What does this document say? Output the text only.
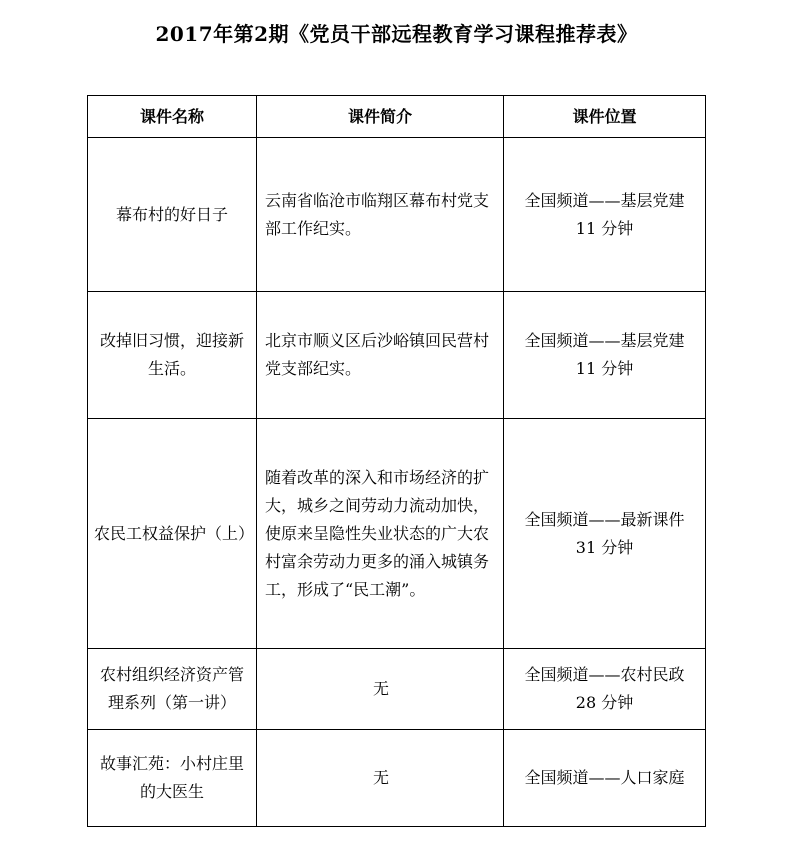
2017年第2期《党员干部远程教育学习课程推荐表》
课件名称	课件简介	课件位置
幕布村的好日子	云南省临沧市临翔区幕布村党支部工作纪实。	全国频道——基层党建
11 分钟

改掉旧习惯，迎接新生活。	北京市顺义区后沙峪镇回民营村党支部纪实。	全国频道——基层党建
11 分钟

农民工权益保护（上）	随着改革的深入和市场经济的扩大，城乡之间劳动力流动加快，使原来呈隐性失业状态的广大农村富余劳动力更多的涌入城镇务工，形成了“民工潮”。	全国频道——最新课件
31 分钟

农村组织经济资产管理系列（第一讲）	无	全国频道——农村民政
28 分钟

故事汇苑：小村庄里的大医生	无	全国频道——人口家庭
